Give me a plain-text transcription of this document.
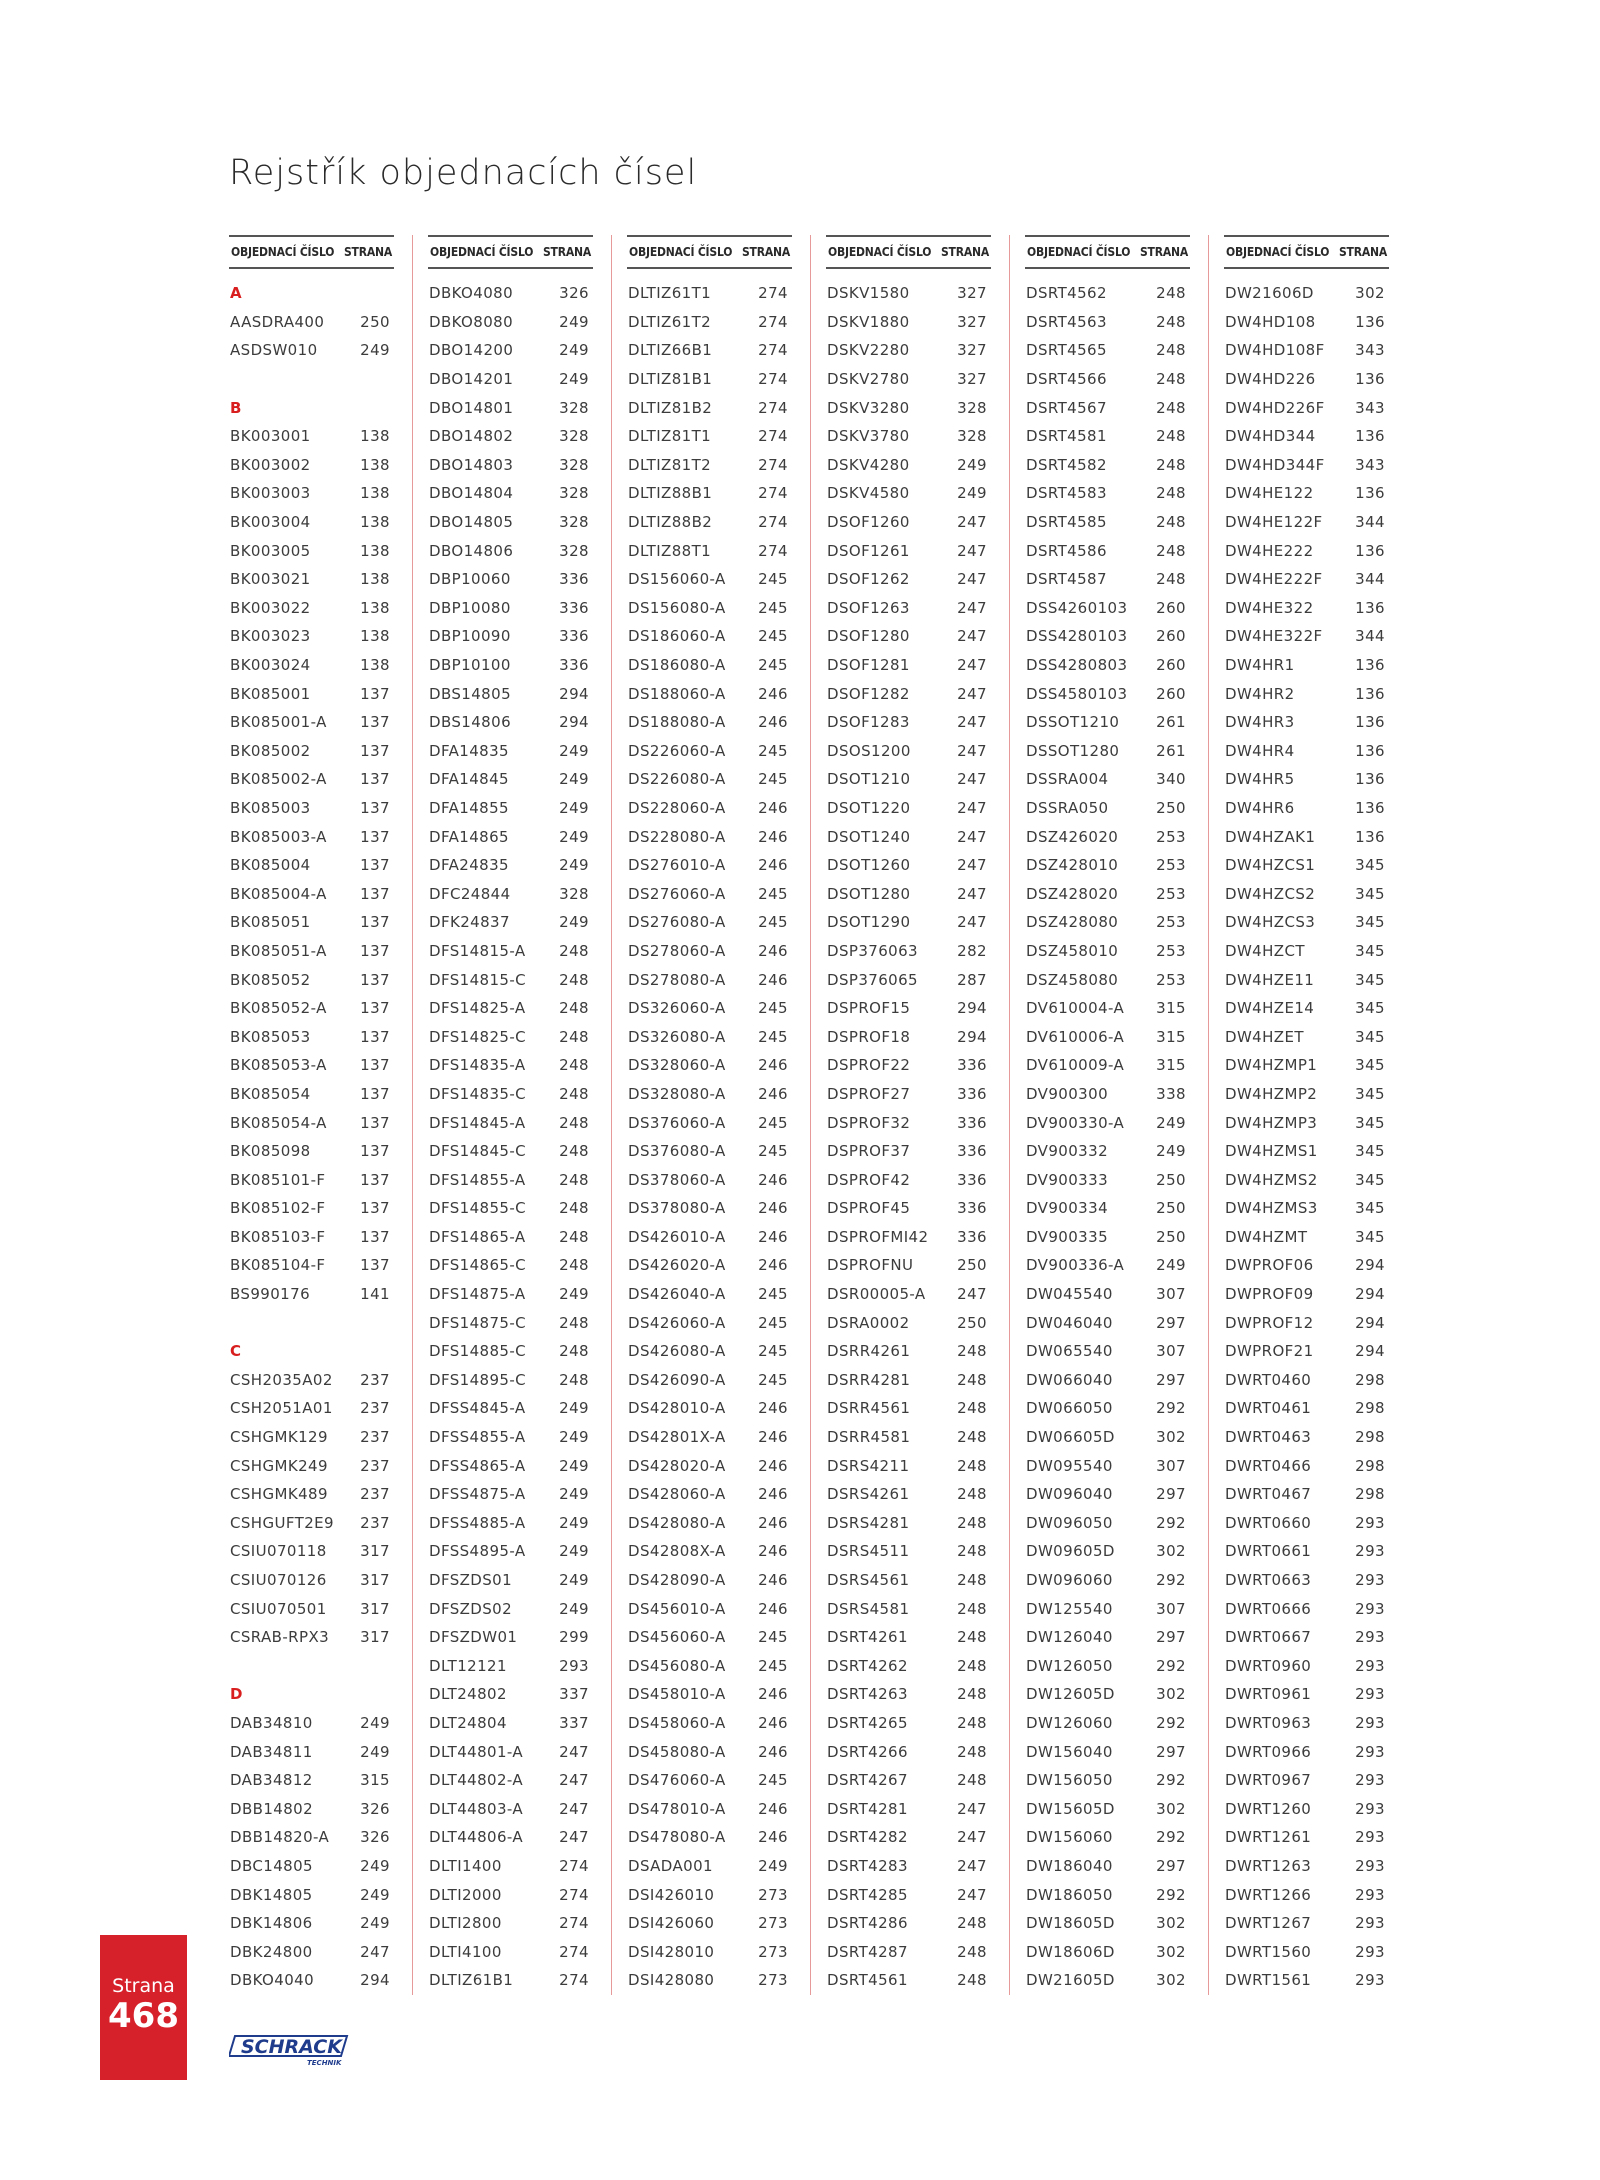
Rejstřík objednacích čísel
OBJEDNACÍ ČÍSLO STRANA
A
AASDRA400 250
ASDSW010	249
B
BK003001	138
BK003002	138
BK003003	138
BK003004	138
BK003005	138
BK003021	138
BK003022	138
BK003023	138
BK003024	138
BK085001	137
BK085001-A 137
BK085002	137
BK085002-A 137
BK085003	137
BK085003-A 137
BK085004	137
BK085004-A 137
BK085051	137
BK085051-A 137
BK085052	137
BK085052-A 137
BK085053	137
BK085053-A 137
BK085054	137
BK085054-A 137
BK085098	137
BK085101-F 137
BK085102-F 137
BK085103-F 137
BK085104-F 137
BS990176	141
C
CSH2035A02 237
CSH2051A01 237
CSHGMK129 237
CSHGMK249 237
CSHGMK489 237
CSHGUFT2E9 237
CSIU070118 317
CSIU070126 317
CSIU070501 317
CSRAB-RPX3 317
D
DAB34810	249
DAB34811	249
DAB34812	315
DBB14802	326
DBB14820-A 326
DBC14805	249
DBK14805	249
DBK14806	249
DBK24800	247
DBKO4040	294
OBJEDNACÍ ČÍSLO STRANA
DBKO4080	326
DBKO8080	249
DBO14200	249
DBO14201	249
DBO14801	328
DBO14802	328
DBO14803	328
DBO14804	328
DBO14805	328
DBO14806	328
DBP10060	336
DBP10080	336
DBP10090	336
DBP10100	336
DBS14805	294
DBS14806	294
DFA14835	249
DFA14845	249
DFA14855	249
DFA14865	249
DFA24835	249
DFC24844	328
DFK24837	249
DFS14815-A 248
DFS14815-C 248
DFS14825-A 248
DFS14825-C 248
DFS14835-A 248
DFS14835-C 248
DFS14845-A 248
DFS14845-C 248
DFS14855-A 248
DFS14855-C 248
DFS14865-A 248
DFS14865-C 248
DFS14875-A 249
DFS14875-C 248
DFS14885-C 248
DFS14895-C 248
DFSS4845-A 249
DFSS4855-A 249
DFSS4865-A 249
DFSS4875-A 249
DFSS4885-A 249
DFSS4895-A 249
DFSZDS01	249
DFSZDS02	249
DFSZDW01	299
DLT12121	293
DLT24802	337
DLT24804	337
DLT44801-A 247
DLT44802-A 247
DLT44803-A 247
DLT44806-A 247
DLTI1400	274
DLTI2000	274
DLTI2800	274
DLTI4100	274
DLTIZ61B1	274
OBJEDNACÍ ČÍSLO STRANA
DLTIZ61T1	274
DLTIZ61T2	274
DLTIZ66B1	274
DLTIZ81B1	274
DLTIZ81B2	274
DLTIZ81T1	274
DLTIZ81T2	274
DLTIZ88B1	274
DLTIZ88B2	274
DLTIZ88T1	274
DS156060-A 245
DS156080-A 245
DS186060-A 245
DS186080-A 245
DS188060-A 246
DS188080-A 246
DS226060-A 245
DS226080-A 245
DS228060-A 246
DS228080-A 246
DS276010-A 246
DS276060-A 245
DS276080-A 245
DS278060-A 246
DS278080-A 246
DS326060-A 245
DS326080-A 245
DS328060-A 246
DS328080-A 246
DS376060-A 245
DS376080-A 245
DS378060-A 246
DS378080-A 246
DS426010-A 246
DS426020-A 246
DS426040-A 245
DS426060-A 245
DS426080-A 245
DS426090-A 245
DS428010-A 246
DS42801X-A 246
DS428020-A 246
DS428060-A 246
DS428080-A 246
DS42808X-A 246
DS428090-A 246
DS456010-A 246
DS456060-A 245
DS456080-A 245
DS458010-A 246
DS458060-A 246
DS458080-A 246
DS476060-A 245
DS478010-A 246
DS478080-A 246
DSADA001	249
DSI426010	273
DSI426060	273
DSI428010	273
DSI428080	273
OBJEDNACÍ ČÍSLO STRANA
DSKV1580	327
DSKV1880	327
DSKV2280	327
DSKV2780	327
DSKV3280	328
DSKV3780	328
DSKV4280	249
DSKV4580	249
DSOF1260	247
DSOF1261	247
DSOF1262	247
DSOF1263	247
DSOF1280	247
DSOF1281	247
DSOF1282	247
DSOF1283	247
DSOS1200	247
DSOT1210	247
DSOT1220	247
DSOT1240	247
DSOT1260	247
DSOT1280	247
DSOT1290	247
DSP376063	282
DSP376065	287
DSPROF15	294
DSPROF18	294
DSPROF22	336
DSPROF27	336
DSPROF32	336
DSPROF37	336
DSPROF42	336
DSPROF45	336
DSPROFMI42 336
DSPROFNU	250
DSR00005-A 247
DSRA0002	250
DSRR4261	248
DSRR4281	248
DSRR4561	248
DSRR4581	248
DSRS4211	248
DSRS4261	248
DSRS4281	248
DSRS4511	248
DSRS4561	248
DSRS4581	248
DSRT4261	248
DSRT4262	248
DSRT4263	248
DSRT4265	248
DSRT4266	248
DSRT4267	248
DSRT4281	247
DSRT4282	247
DSRT4283	247
DSRT4285	247
DSRT4286	248
DSRT4287	248
DSRT4561	248
OBJEDNACÍ ČÍSLO STRANA
DSRT4562	248
DSRT4563	248
DSRT4565	248
DSRT4566	248
DSRT4567	248
DSRT4581	248
DSRT4582	248
DSRT4583	248
DSRT4585	248
DSRT4586	248
DSRT4587	248
DSS4260103 260
DSS4280103 260
DSS4280803 260
DSS4580103 260
DSSOT1210 261
DSSOT1280 261
DSSRA004	340
DSSRA050	250
DSZ426020	253
DSZ428010	253
DSZ428020	253
DSZ428080	253
DSZ458010	253
DSZ458080	253
DV610004-A 315
DV610006-A 315
DV610009-A 315
DV900300	338
DV900330-A 249
DV900332	249
DV900333	250
DV900334	250
DV900335	250
DV900336-A 249
DW045540	307
DW046040	297
DW065540	307
DW066040	297
DW066050	292
DW06605D	302
DW095540	307
DW096040	297
DW096050	292
DW09605D	302
DW096060	292
DW125540	307
DW126040	297
DW126050	292
DW12605D	302
DW126060	292
DW156040	297
DW156050	292
DW15605D	302
DW156060	292
DW186040	297
DW186050	292
DW18605D	302
DW18606D	302
DW21605D	302
OBJEDNACÍ ČÍSLO STRANA
DW21606D	302
DW4HD108	136
DW4HD108F 343
DW4HD226	136
DW4HD226F 343
DW4HD344	136
DW4HD344F 343
DW4HE122	136
DW4HE122F 344
DW4HE222	136
DW4HE222F 344
DW4HE322	136
DW4HE322F 344
DW4HR1	136
DW4HR2	136
DW4HR3	136
DW4HR4	136
DW4HR5	136
DW4HR6	136
DW4HZAK1	136
DW4HZCS1	345
DW4HZCS2	345
DW4HZCS3	345
DW4HZCT	345
DW4HZE11	345
DW4HZE14	345
DW4HZET	345
DW4HZMP1	345
DW4HZMP2	345
DW4HZMP3	345
DW4HZMS1 345
DW4HZMS2 345
DW4HZMS3 345
DW4HZMT	345
DWPROF06	294
DWPROF09	294
DWPROF12	294
DWPROF21	294
DWRT0460	298
DWRT0461	298
DWRT0463	298
DWRT0466	298
DWRT0467	298
DWRT0660	293
DWRT0661	293
DWRT0663	293
DWRT0666	293
DWRT0667	293
DWRT0960	293
DWRT0961	293
DWRT0963	293
DWRT0966	293
DWRT0967	293
DWRT1260	293
DWRT1261	293
DWRT1263	293
DWRT1266	293
DWRT1267	293
DWRT1560	293
DWRT1561	293
Strana
468
SCHRACK
TECHNIK
